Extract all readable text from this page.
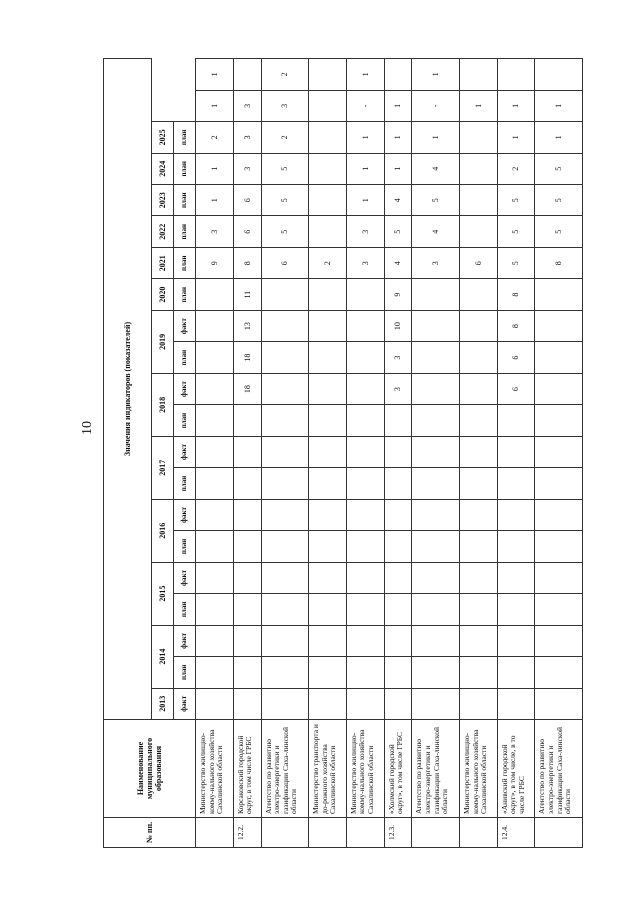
10
№ пп.	Наименование муниципального образования	Значения индикаторов (показателей)																				
		2013	2014		2015		2016		2017		2018		2019		2020	2021	2022	2023	2024	2025		
		факт	план	факт	план	факт	план	факт	план	факт	план	факт	план	факт	план	план	план	план	план	план		
	Министерство жилищно-комму-нального хозяйства Сахалинской области															9	3	1	1	2	1	1
12.2.	Корсаковский городской округ, в том числе ГРБС											18	18	13	11	8	6	6	3	3	3	
	Агентство по развитию электро-энергетики и газификации Саха-линской области															6	5	5	5	2	3	2
	Министерство транспорта и до-рожного хозяйства Сахалинской области															2						
	Министерство жилищно-комму-нального хозяйства Сахалинской области															3	3	1	1	1	-	1
12.3.	«Холмский городской округ», в том числе ГРБС											3	3	10	9	4	5	4	1	1	1	
	Агентство по развитию электро-энергетики и газификации Саха-линской области															3	4	5	4	1	-	1
	Министерство жилищно-комму-нального хозяйства Сахалинской области															6					1	
12.4.	«Анивский городской округ», в том числе, в то числе ГРБС											6	6	8	8	5	5	5	2	1	1	
	Агентство по развитию электро-энергетики и газификации Саха-линской области															8	5	5	5	1	1	
